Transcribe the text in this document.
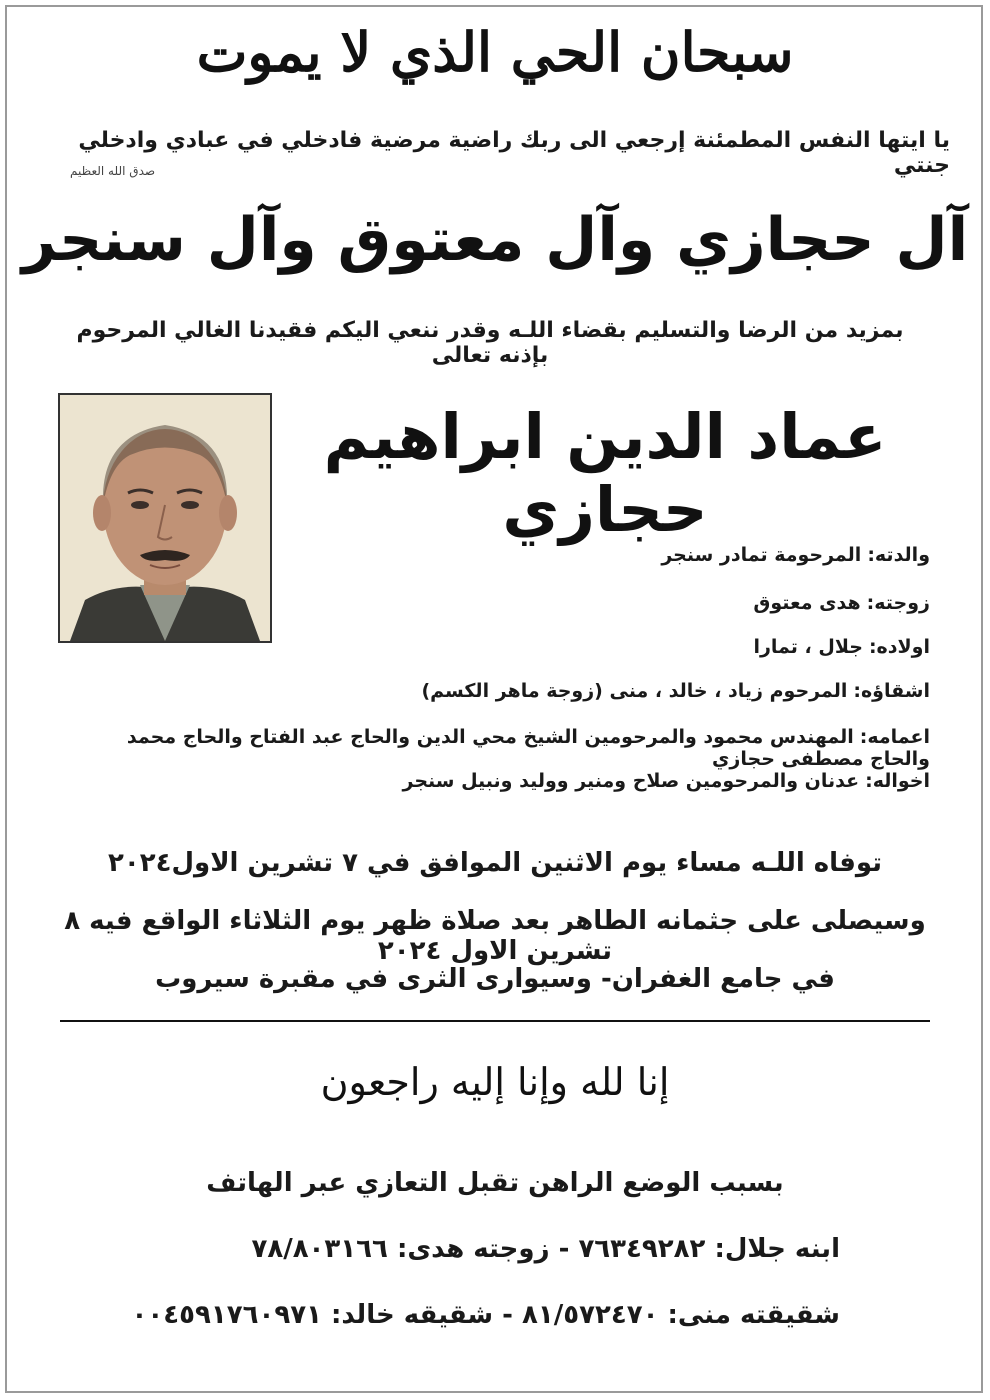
سبحان الحي الذي لا يموت
يا ايتها النفس المطمئنة إرجعي الى ربك راضية مرضية فادخلي في عبادي وادخلي جنتي
صدق الله العظيم
آل حجازي وآل معتوق وآل سنجر
بمزيد من الرضا والتسليم بقضاء اللـه وقدر ننعي اليكم فقيدنا الغالي المرحوم بإذنه تعالى
عماد الدين ابراهيم حجازي
والدته:المرحومة تمادر سنجر
زوجته:هدى معتوق
اولاده:جلال ، تمارا
اشقاؤه:المرحوم زياد ، خالد ، منى (زوجة ماهر الكسم)
اعمامه:المهندس محمود والمرحومين الشيخ محي الدين والحاج عبد الفتاح والحاج محمد والحاج مصطفى حجازي
اخواله:عدنان والمرحومين صلاح ومنير ووليد ونبيل سنجر
توفاه اللـه مساء يوم الاثنين الموافق في ٧ تشرين الاول٢٠٢٤
وسيصلى على جثمانه الطاهر بعد صلاة ظهر يوم الثلاثاء الواقع فيه ٨ تشرين الاول ٢٠٢٤
في جامع الغفران- وسيوارى الثرى في مقبرة سيروب
إنا لله وإنا إليه راجعون
بسبب الوضع الراهن تقبل التعازي عبر الهاتف
ابنه جلال: ٧٦٣٤٩٢٨٢ - زوجته هدى: ٧٨/٨٠٣١٦٦
شقيقته منى: ٨١/٥٧٢٤٧٠ - شقيقه خالد: ٠٠٤٥٩١٧٦٠٩٧١
